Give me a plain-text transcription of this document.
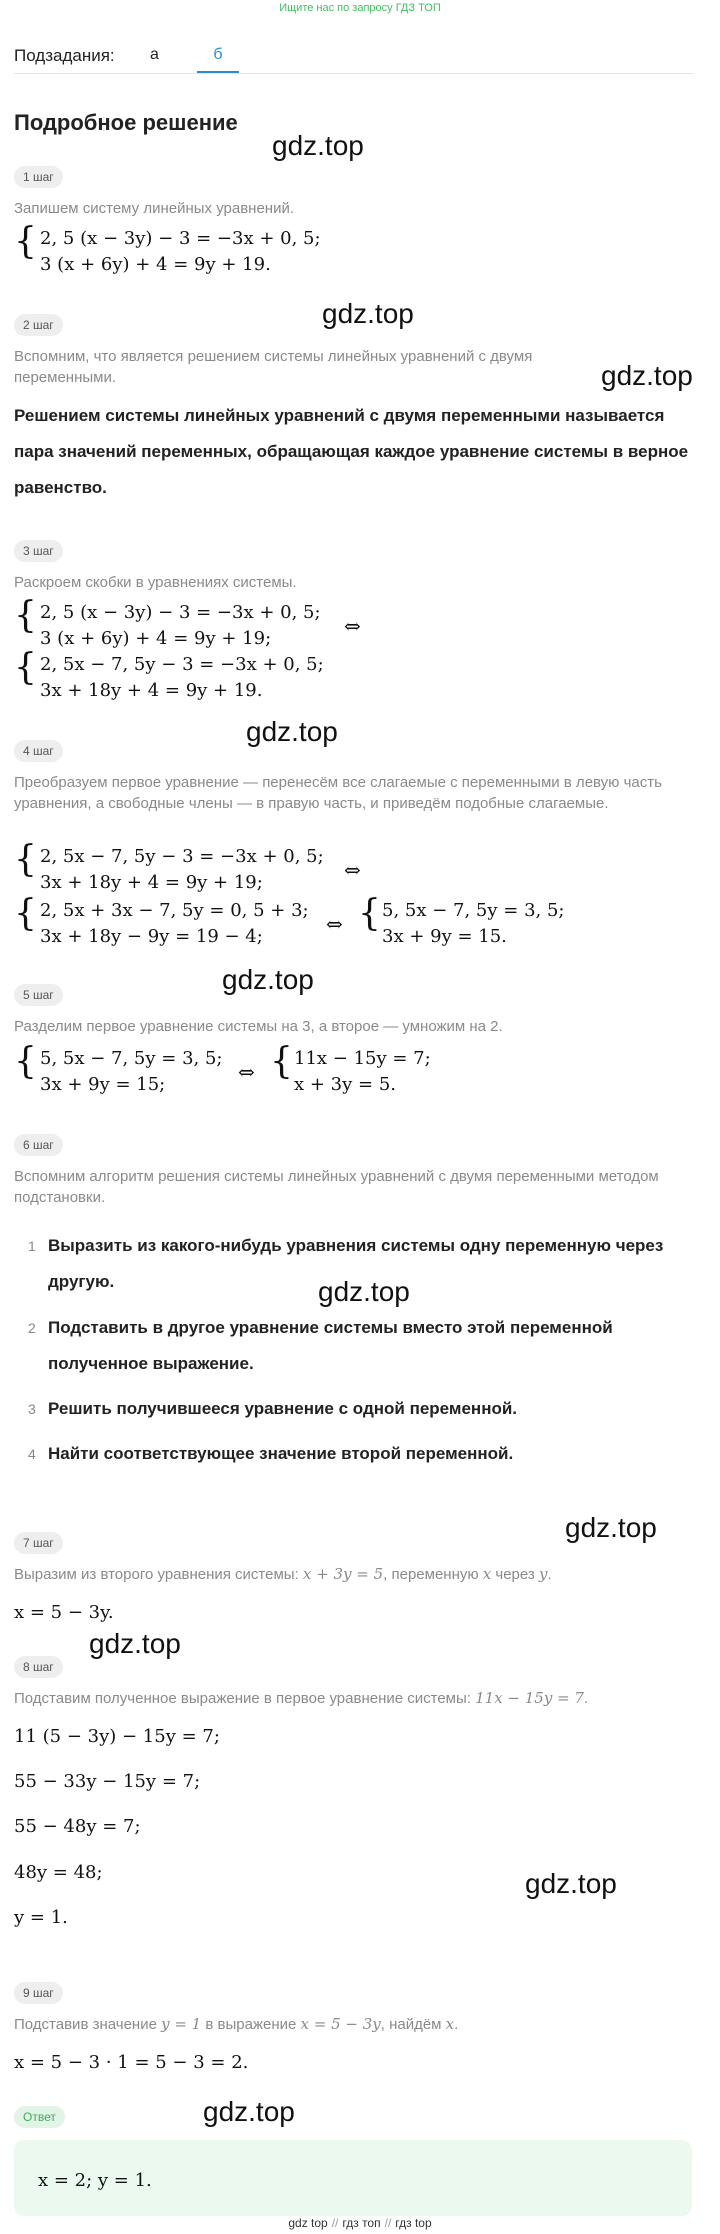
Ищите нас по запросу ГДЗ ТОП
Подзадания: а	б
Подробное решение
gdz.top
gdz.top
gdz.top
gdz.top
gdz.top
gdz.top
gdz.top
gdz.top
gdz.top
gdz.top
1 шаг
Запишем систему линейных уравнений.
{ 2, 5 (x − 3y) − 3 = −3x + 0, 5;
3 (x + 6y) + 4 = 9y + 19.
2 шаг
Вспомним, что является решением системы линейных уравнений с двумя переменными.
Решением системы линейных уравнений с двумя переменными называется пара значений переменных, обращающая каждое уравнение системы в верное равенство.
3 шаг
Раскроем скобки в уравнениях системы.
{
{
2, 5 (x − 3y) − 3 = −3x + 0, 5;
3 (x + 6y) + 4 = 9y + 19;
⇔
2, 5x − 7, 5y − 3 = −3x + 0, 5;
3x + 18y + 4 = 9y + 19.
4 шаг
Преобразуем первое уравнение — перенесём все слагаемые с переменными в левую часть уравнения, а свободные члены — в правую часть, и приведём подобные слагаемые.
{ 2, 5x − 7, 5y − 3 = −3x + 0, 5;
3x + 18y + 4 = 9y + 19;
⇔
{ 2, 5x + 3x − 7, 5y = 0, 5 + 3;
3x + 18y − 9y = 19 − 4;
⇔ { 5, 5x − 7, 5y = 3, 5;
3x + 9y = 15.
5 шаг
Разделим первое уравнение системы на 3, а второе — умножим на 2.
{ 5, 5x − 7, 5y = 3, 5;
3x + 9y = 15;
⇔ { 11x − 15y = 7;
x + 3y = 5.
6 шаг
Вспомним алгоритм решения системы линейных уравнений с двумя переменными методом подстановки.
1 Выразить из какого-нибудь уравнения системы одну переменную через другую.
2 Подставить в другое уравнение системы вместо этой переменной полученное выражение.
3 Решить получившееся уравнение с одной переменной.
4 Найти соответствующее значение второй переменной.
7 шаг
Выразим из второго уравнения системы: x + 3y = 5, переменную x через y.
x = 5 − 3y.
8 шаг
Подставим полученное выражение в первое уравнение системы: 11x − 15y = 7.
11 (5 − 3y) − 15y = 7;
55 − 33y − 15y = 7;
55 − 48y = 7;
48y = 48;
y = 1.
9 шаг
Подставив значение y = 1 в выражение x = 5 − 3y, найдём x.
x = 5 − 3 · 1 = 5 − 3 = 2.
Ответ
x = 2; y = 1.
gdz top // гдз топ // гдз top
